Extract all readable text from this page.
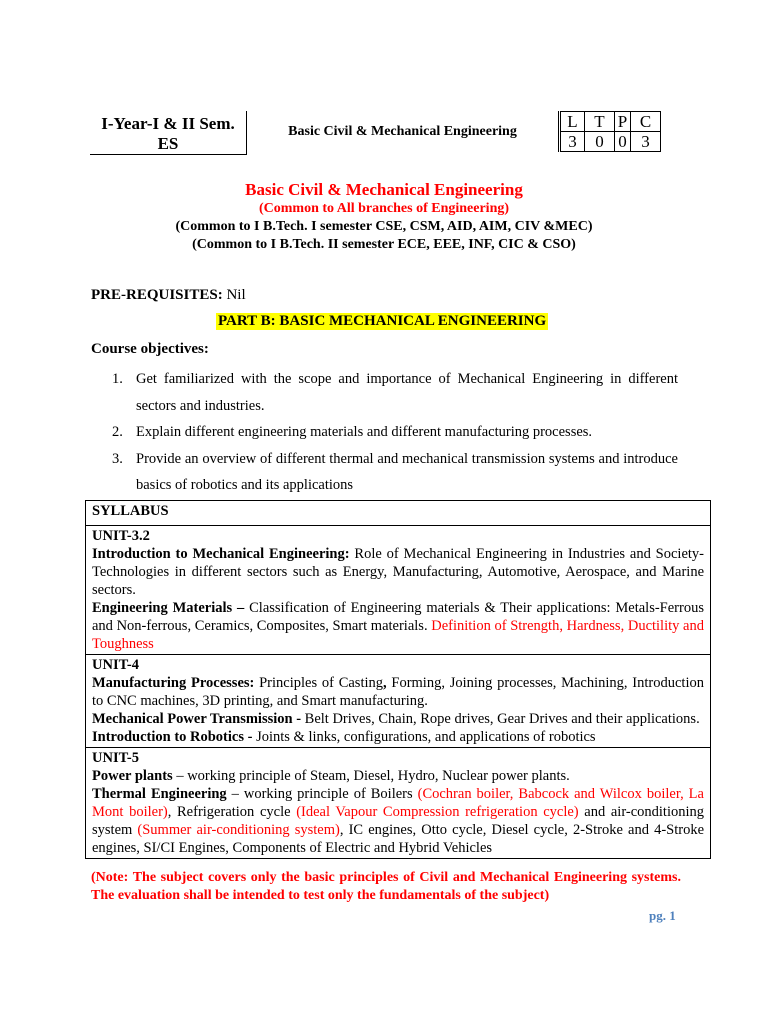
I-Year-I & II Sem.
ES
Basic Civil & Mechanical Engineering
L	T	P	C
3	0	0	3
Basic Civil & Mechanical Engineering
(Common to All branches of Engineering)
(Common to I B.Tech. I semester CSE, CSM, AID, AIM, CIV &MEC)
(Common to I B.Tech. II semester ECE, EEE, INF, CIC & CSO)
PRE-REQUISITES: Nil
PART B: BASIC MECHANICAL ENGINEERING
Course objectives:
1. Get familiarized with the scope and importance of Mechanical Engineering in different sectors and industries.
2. Explain different engineering materials and different manufacturing processes.
3. Provide an overview of different thermal and mechanical transmission systems and introduce basics of robotics and its applications
SYLLABUS

UNIT-3.2

Introduction to Mechanical Engineering: Role of Mechanical Engineering in Industries and Society- Technologies in different sectors such as Energy, Manufacturing, Automotive, Aerospace, and Marine sectors.

Engineering Materials – Classification of Engineering materials & Their applications: Metals-Ferrous and Non-ferrous, Ceramics, Composites, Smart materials. Definition of Strength, Hardness, Ductility and Toughness

UNIT-4

Manufacturing Processes: Principles of Casting, Forming, Joining processes, Machining, Introduction to CNC machines, 3D printing, and Smart manufacturing.

Mechanical Power Transmission - Belt Drives, Chain, Rope drives, Gear Drives and their applications.

Introduction to Robotics - Joints & links, configurations, and applications of robotics

UNIT-5

Power plants – working principle of Steam, Diesel, Hydro, Nuclear power plants.

Thermal Engineering – working principle of Boilers (Cochran boiler, Babcock and Wilcox boiler, La Mont boiler), Refrigeration cycle (Ideal Vapour Compression refrigeration cycle) and air-conditioning system (Summer air-conditioning system), IC engines, Otto cycle, Diesel cycle, 2-Stroke and 4-Stroke engines, SI/CI Engines, Components of Electric and Hybrid Vehicles

(Note: The subject covers only the basic principles of Civil and Mechanical Engineering systems. The evaluation shall be intended to test only the fundamentals of the subject)
pg. 1
